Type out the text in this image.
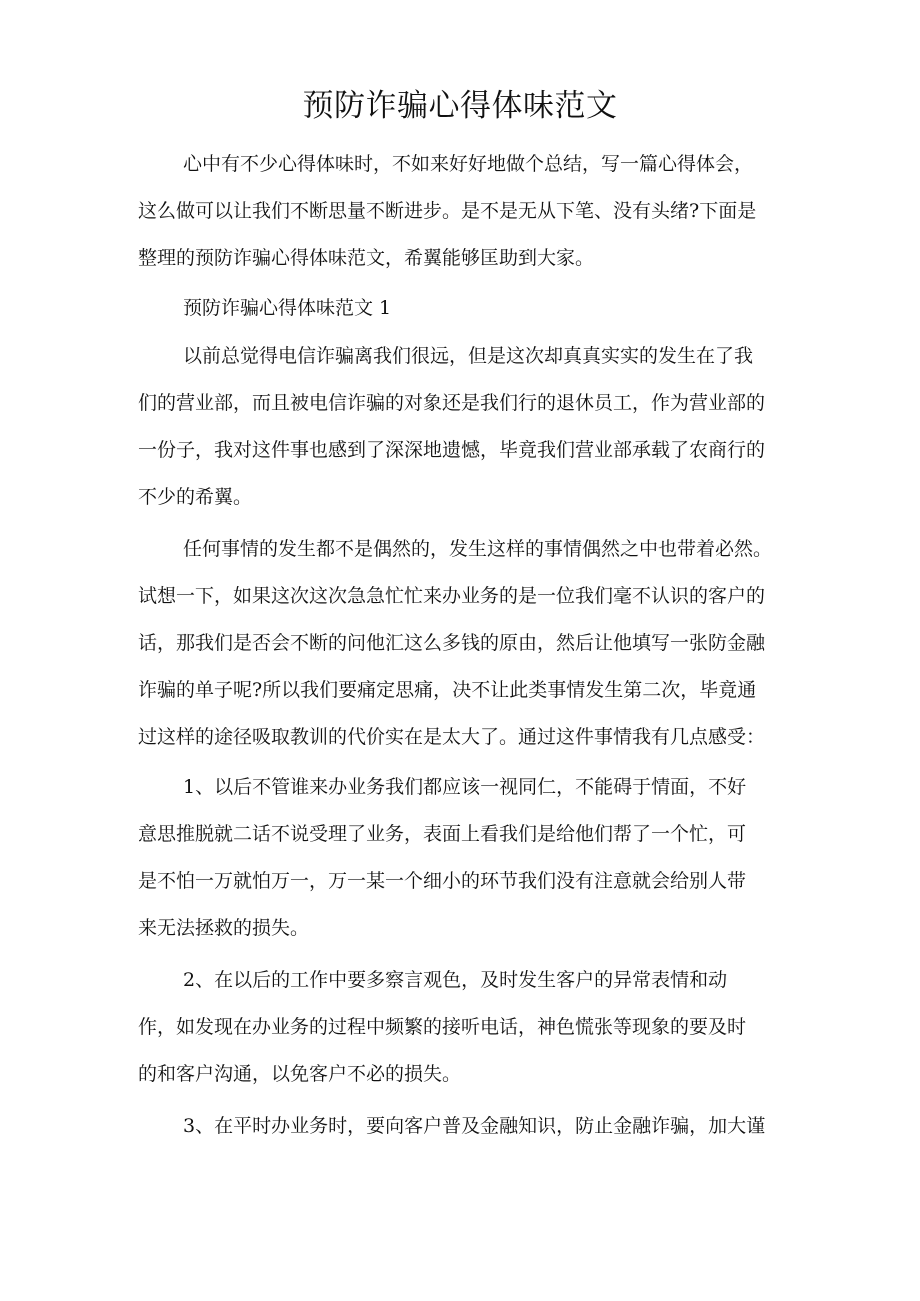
预防诈骗心得体味范文
心中有不少心得体味时，不如来好好地做个总结，写一篇心得体会，
这么做可以让我们不断思量不断进步。是不是无从下笔、没有头绪?下面是
整理的预防诈骗心得体味范文，希翼能够匡助到大家。
预防诈骗心得体味范文 1
以前总觉得电信诈骗离我们很远，但是这次却真真实实的发生在了我
们的营业部，而且被电信诈骗的对象还是我们行的退休员工，作为营业部的
一份子，我对这件事也感到了深深地遗憾，毕竟我们营业部承载了农商行的
不少的希翼。
任何事情的发生都不是偶然的，发生这样的事情偶然之中也带着必然。
试想一下，如果这次这次急急忙忙来办业务的是一位我们毫不认识的客户的
话，那我们是否会不断的问他汇这么多钱的原由，然后让他填写一张防金融
诈骗的单子呢?所以我们要痛定思痛，决不让此类事情发生第二次，毕竟通
过这样的途径吸取教训的代价实在是太大了。通过这件事情我有几点感受：
1、以后不管谁来办业务我们都应该一视同仁，不能碍于情面，不好
意思推脱就二话不说受理了业务，表面上看我们是给他们帮了一个忙，可
是不怕一万就怕万一，万一某一个细小的环节我们没有注意就会给别人带
来无法拯救的损失。
2、在以后的工作中要多察言观色，及时发生客户的异常表情和动
作，如发现在办业务的过程中频繁的接听电话，神色慌张等现象的要及时
的和客户沟通，以免客户不必的损失。
3、在平时办业务时，要向客户普及金融知识，防止金融诈骗，加大谨
